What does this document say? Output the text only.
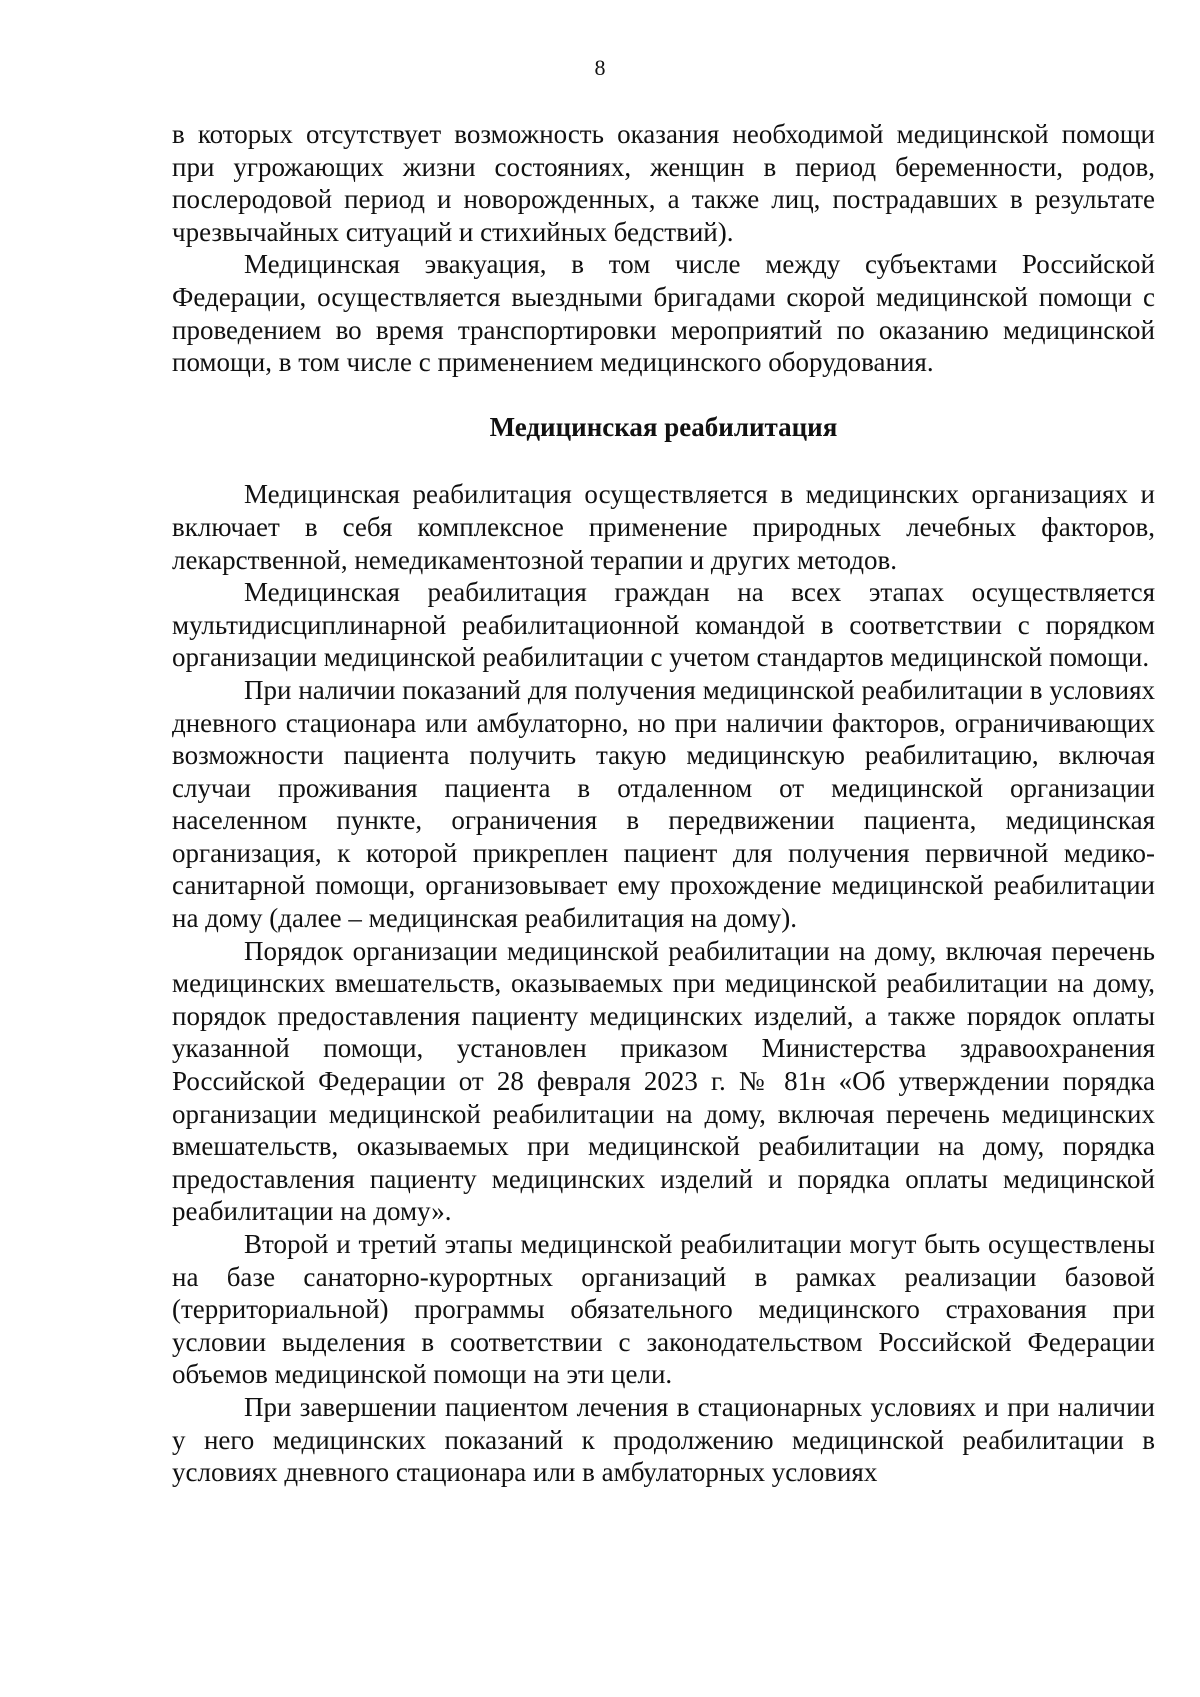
8

в которых отсутствует возможность оказания необходимой медицинской помощи при угрожающих жизни состояниях, женщин в период беременности, родов, послеродовой период и новорожденных, а также лиц, пострадавших в результате чрезвычайных ситуаций и стихийных бедствий).

Медицинская эвакуация, в том числе между субъектами Российской Федерации, осуществляется выездными бригадами скорой медицинской помощи с проведением во время транспортировки мероприятий по оказанию медицинской помощи, в том числе с применением медицинского оборудования.

Медицинская реабилитация

Медицинская реабилитация осуществляется в медицинских организациях и включает в себя комплексное применение природных лечебных факторов, лекарственной, немедикаментозной терапии и других методов.

Медицинская реабилитация граждан на всех этапах осуществляется мультидисциплинарной реабилитационной командой в соответствии с порядком организации медицинской реабилитации с учетом стандартов медицинской помощи.

При наличии показаний для получения медицинской реабилитации в условиях дневного стационара или амбулаторно, но при наличии факторов, ограничивающих возможности пациента получить такую медицинскую реабилитацию, включая случаи проживания пациента в отдаленном от медицинской организации населенном пункте, ограничения в передвижении пациента, медицинская организация, к которой прикреплен пациент для получения первичной медико-санитарной помощи, организовывает ему прохождение медицинской реабилитации на дому (далее – медицинская реабилитация на дому).

Порядок организации медицинской реабилитации на дому, включая перечень медицинских вмешательств, оказываемых при медицинской реабилитации на дому, порядок предоставления пациенту медицинских изделий, а также порядок оплаты указанной помощи, установлен приказом Министерства здравоохранения Российской Федерации от 28 февраля 2023 г. № 81н «Об утверждении порядка организации медицинской реабилитации на дому, включая перечень медицинских вмешательств, оказываемых при медицинской реабилитации на дому, порядка предоставления пациенту медицинских изделий и порядка оплаты медицинской реабилитации на дому».

Второй и третий этапы медицинской реабилитации могут быть осуществлены на базе санаторно-курортных организаций в рамках реализации базовой (территориальной) программы обязательного медицинского страхования при условии выделения в соответствии с законодательством Российской Федерации объемов медицинской помощи на эти цели.

При завершении пациентом лечения в стационарных условиях и при наличии у него медицинских показаний к продолжению медицинской реабилитации в условиях дневного стационара или в амбулаторных условиях
